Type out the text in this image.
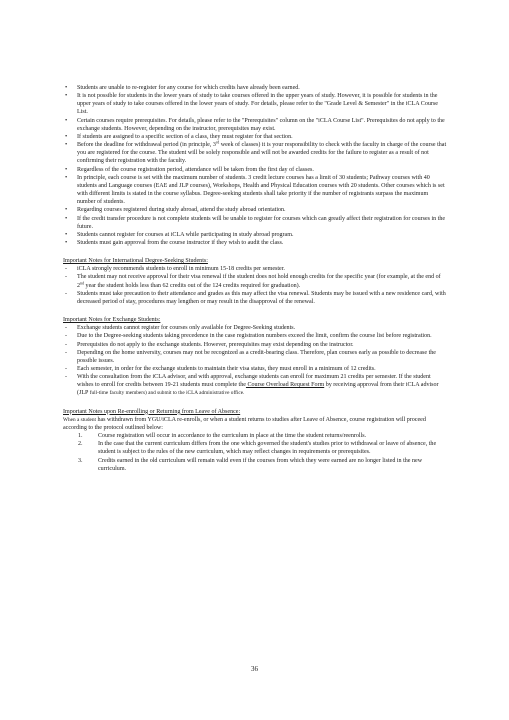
• Students are unable to re-register for any course for which credits have already been earned.
• It is not possible for students in the lower years of study to take courses offered in the upper years of study. However, it is possible for students in the upper years of study to take courses offered in the lower years of study. For details, please refer to the "Grade Level & Semester" in the iCLA Course List.
• Certain courses require prerequisites. For details, please refer to the "Prerequisites" column on the "iCLA Course List". Prerequisites do not apply to the exchange students. However, depending on the instructor, prerequisites may exist.
• If students are assigned to a specific section of a class, they must register for that section.
• Before the deadline for withdrawal period (in principle, 3rd week of classes) it is your responsibility to check with the faculty in charge of the course that you are registered for the course. The student will be solely responsible and will not be awarded credits for the failure to register as a result of not confirming their registration with the faculty.
• Regardless of the course registration period, attendance will be taken from the first day of classes.
• In principle, each course is set with the maximum number of students. 3 credit lecture courses has a limit of 30 students; Pathway courses with 40 students and Language courses (EAE and JLP courses), Workshops, Health and Physical Education courses with 20 students. Other courses which is set with different limits is stated in the course syllabus. Degree-seeking students shall take priority if the number of registrants surpass the maximum number of students.
• Regarding courses registered during study abroad, attend the study abroad orientation.
• If the credit transfer procedure is not complete students will be unable to register for courses which can greatly affect their registration for courses in the future.
• Students cannot register for courses at iCLA while participating in study abroad program.
• Students must gain approval from the course instructor if they wish to audit the class.
Important Notes for International Degree-Seeking Students:
- iCLA strongly recommends students to enroll in minimum 15-18 credits per semester.
- The student may not receive approval for their visa renewal if the student does not hold enough credits for the specific year (for example, at the end of 2nd year the student holds less than 62 credits out of the 124 credits required for graduation).
- Students must take precaution to their attendance and grades as this may affect the visa renewal. Students may be issued with a new residence card, with decreased period of stay, procedures may lengthen or may result in the disapproval of the renewal.
Important Notes for Exchange Students:
- Exchange students cannot register for courses only available for Degree-Seeking students.
- Due to the Degree-seeking students taking precedence in the case registration numbers exceed the limit, confirm the course list before registration.
- Prerequisites do not apply to the exchange students. However, prerequisites may exist depending on the instructor.
- Depending on the home university, courses may not be recognized as a credit-bearing class. Therefore, plan courses early as possible to decrease the possible issues.
- Each semester, in order for the exchange students to maintain their visa status, they must enroll in a minimum of 12 credits.
- With the consultation from the iCLA advisor, and with approval, exchange students can enroll for maximum 21 credits per semester. If the student wishes to enroll for credits between 19-21 students must complete the Course Overload Request Form by receiving approval from their iCLA advisor (JLP full-time faculty members) and submit to the iCLA administrative office.
Important Notes upon Re-enrolling or Returning from Leave of Absence:
When a student has withdrawn from YGU/iCLA re-enrolls, or when a student returns to studies after Leave of Absence, course registration will proceed according to the protocol outlined below:
1.	Course registration will occur in accordance to the curriculum in place at the time the student returns/reenrolls.
2.	In the case that the current curriculum differs from the one which governed the student's studies prior to withdrawal or leave of absence, the student is subject to the rules of the new curriculum, which may reflect changes in requirements or prerequisites.
3.	Credits earned in the old curriculum will remain valid even if the courses from which they were earned are no longer listed in the new curriculum.
36
